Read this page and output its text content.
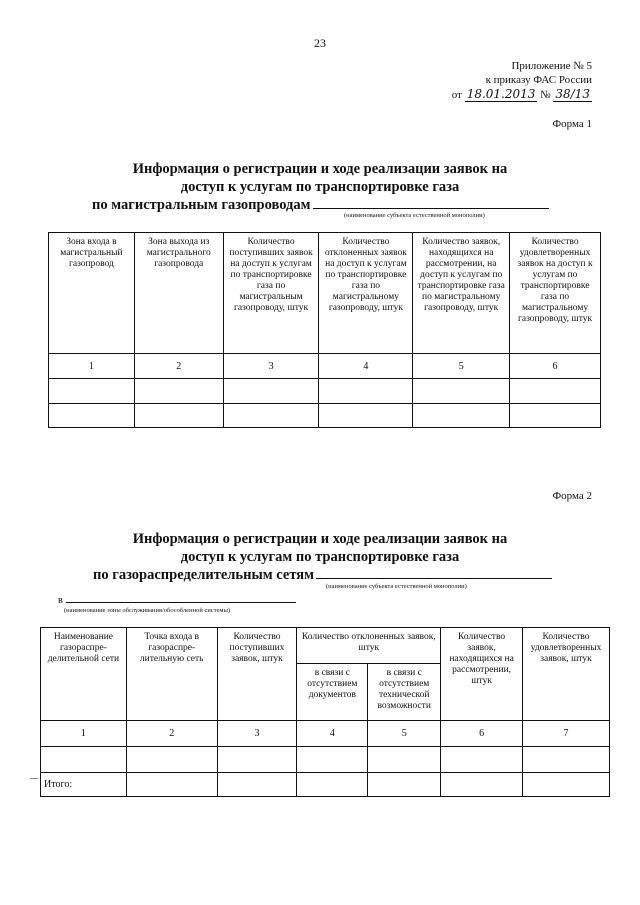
23
Приложение № 5
к приказу ФАС России
от 18.01.2013 № 38/13
Форма 1
Информация о регистрации и ходе реализации заявок на
доступ к услугам по транспортировке газа
по магистральным газопроводам
(наименование субъекта естественной монополии)
Зона входа в магистральный газопровод	Зона выхода из магистрального газопровода	Количество поступивших заявок на доступ к услугам по транспортировке газа по магистральным газопроводу, штук	Количество отклоненных заявок на доступ к услугам по транспортировке газа по магистральному газопроводу, штук	Количество заявок, находящихся на рассмотрении, на доступ к услугам по транспортировке газа по магистральному газопроводу, штук	Количество удовлетворенных заявок на доступ к услугам по транспортировке газа по магистральному газопроводу, штук
1	2	3	4	5	6

Форма 2
Информация о регистрации и ходе реализации заявок на
доступ к услугам по транспортировке газа
по газораспределительным сетям
(наименование субъекта естественной монополии)
в
(наименование зоны обслуживания/обособленной системы)
Наименование газораспре-делительной сети	Точка входа в газораспре-лительную сеть	Количество поступивших заявок, штук	Количество отклоненных заявок, штук		Количество заявок, находящихся на рассмотрении, штук	Количество удовлетворенных заявок, штук
			в связи с отсутствием документов	в связи с отсутствием технической возможности		
1	2	3	4	5	6	7

Итого:						
